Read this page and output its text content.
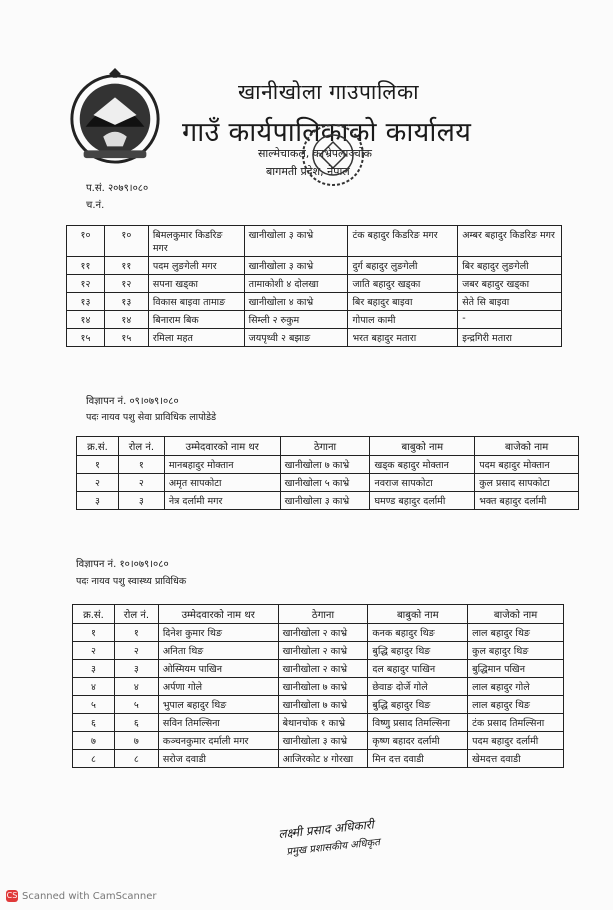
खानीखोला गाउपालिका
गाउँ कार्यपालिकाको कार्यालय
साल्मेचाकल, काभ्रेपलाञ्चोक
बागमती प्रदेश, नेपाल
प.सं. २०७९।०८०
च.नं.
१०	१०	बिमलकुमार किडरिङ मगर	खानीखोला ३ काभ्रे	टंक बहादुर किडरिङ मगर	अम्बर बहादुर किडरिङ मगर
११	११	पदम लुङगेली मगर	खानीखोला ३ काभ्रे	दुर्ग बहादुर लुङगेली	बिर बहादुर लुङगेली
१२	१२	सपना खड्का	तामाकोशी ४ दोलखा	जाति बहादुर खड्का	जबर बहादुर खड्का
१३	१३	विकास बाइवा तामाङ	खानीखोला ४ काभ्रे	बिर बहादुर बाइवा	सेते सि बाइवा
१४	१४	बिनाराम बिक	सिम्ली २ रुकुम	गोपाल कामी	-
१५	१५	रमिला महत	जयपृथ्वी २ बझाङ	भरत बहादुर मतारा	इन्द्रगिरी मतारा
विज्ञापन नं. ०९।०७९।०८०
पदः नायव पशु सेवा प्राविधिक लापोडेडे
क्र.सं.	रोल नं.	उम्मेदवारको नाम थर	ठेगाना	बाबुको नाम	बाजेको नाम
१	१	मानबहादुर मोक्तान	खानीखोला ७ काभ्रे	खड्क बहादुर मोक्तान	पदम बहादुर मोक्तान
२	२	अमृत सापकोटा	खानीखोला ५ काभ्रे	नवराज सापकोटा	कुल प्रसाद सापकोटा
३	३	नेत्र दर्लामी मगर	खानीखोला ३ काभ्रे	घमण्ड बहादुर दर्लामी	भक्त बहादुर दर्लामी
विज्ञापन नं. १०।०७९।०८०
पदः नायव पशु स्वास्थ्य प्राविधिक
क्र.सं.	रोल नं.	उम्मेदवारको नाम थर	ठेगाना	बाबुको नाम	बाजेको नाम
१	१	दिनेश कुमार थिङ	खानीखोला २ काभ्रे	कनक बहादुर थिङ	लाल बहादुर थिङ
२	२	अनिता थिङ	खानीखोला २ काभ्रे	बुद्धि बहादुर थिङ	कुल बहादुर थिङ
३	३	ओस्मियम पाखिन	खानीखोला २ काभ्रे	दल बहादुर पाखिन	बुद्धिमान पखिन
४	४	अर्पणा गोले	खानीखोला ७ काभ्रे	छेवाङ दोर्जे गोले	लाल बहादुर गोले
५	५	भुपाल बहादुर थिङ	खानीखोला ७ काभ्रे	बुद्धि बहादुर थिङ	लाल बहादुर थिङ
६	६	सविन तिमल्सिना	बेथानचोक १ काभ्रे	विष्णु प्रसाद तिमल्सिना	टंक प्रसाद तिमल्सिना
७	७	कञ्चनकुमार दर्माली मगर	खानीखोला ३ काभ्रे	कृष्ण बहादर दर्लामी	पदम बहादुर दर्लामी
८	८	सरोज दवाडी	आजिरकोट ४ गोरखा	मिन दत्त दवाडी	खेमदत्त दवाडी
लक्ष्मी प्रसाद अधिकारी
प्रमुख प्रशासकीय अधिकृत
CS Scanned with CamScanner
